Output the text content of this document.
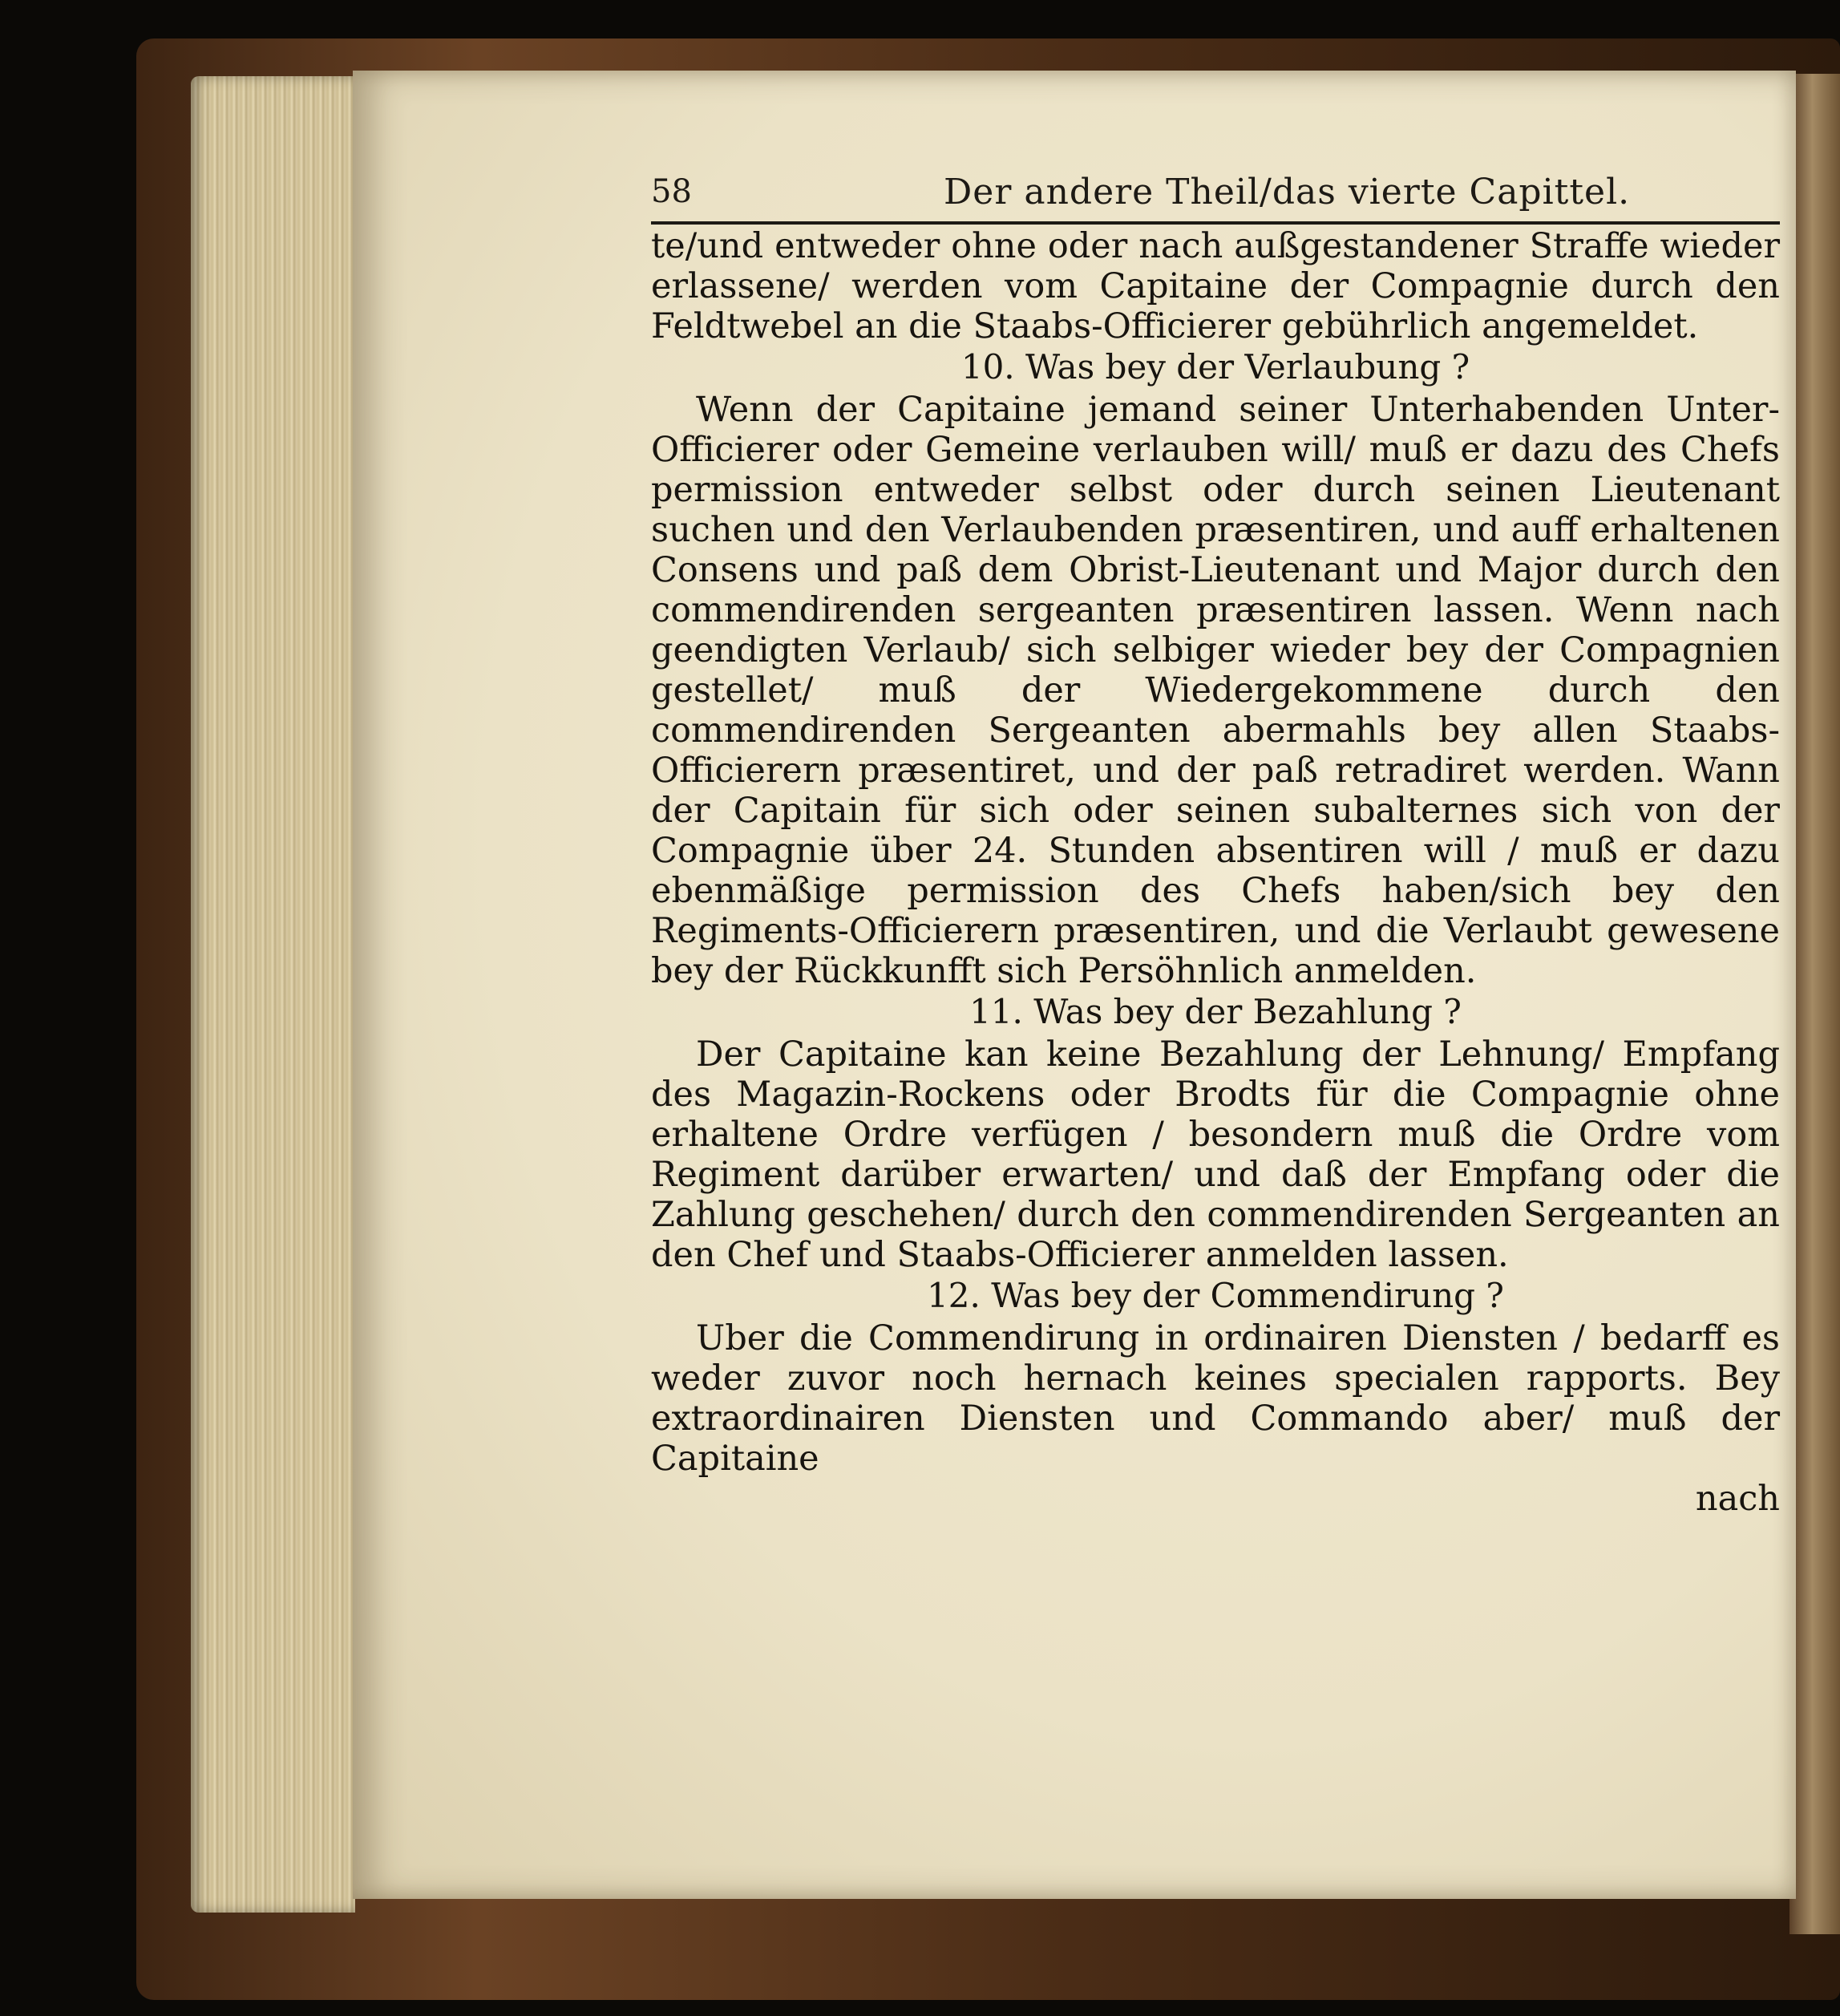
58	Der andere Theil/das vierte Capittel.

te/und entweder ohne oder nach außgestandener Straffe wieder erlassene/ werden vom Capitaine der Compagnie durch den Feldtwebel an die Staabs-Officierer gebührlich angemeldet.

10. Was bey der Verlaubung ?

Wenn der Capitaine jemand seiner Unterhabenden Unter-Officierer oder Gemeine verlauben will/ muß er dazu des Chefs permission entweder selbst oder durch seinen Lieutenant suchen und den Verlaubenden præsentiren, und auff erhaltenen Consens und paß dem Obrist-Lieutenant und Major durch den commendirenden sergeanten præsentiren lassen. Wenn nach geendigten Verlaub/ sich selbiger wieder bey der Compagnien gestellet/ muß der Wiedergekommene durch den commendirenden Sergeanten abermahls bey allen Staabs-Officierern præsentiret, und der paß retradiret werden. Wann der Capitain für sich oder seinen subalternes sich von der Compagnie über 24. Stunden absentiren will / muß er dazu ebenmäßige permission des Chefs haben/sich bey den Regiments-Officierern præsentiren, und die Verlaubt gewesene bey der Rückkunfft sich Persöhnlich anmelden.

11. Was bey der Bezahlung ?

Der Capitaine kan keine Bezahlung der Lehnung/ Empfang des Magazin-Rockens oder Brodts für die Compagnie ohne erhaltene Ordre verfügen / besondern muß die Ordre vom Regiment darüber erwarten/ und daß der Empfang oder die Zahlung geschehen/ durch den commendirenden Sergeanten an den Chef und Staabs-Officierer anmelden lassen.

12. Was bey der Commendirung ?

Uber die Commendirung in ordinairen Diensten / bedarff es weder zuvor noch hernach keines specialen rapports. Bey extraordinairen Diensten und Commando aber/ muß der Capitaine

nach
